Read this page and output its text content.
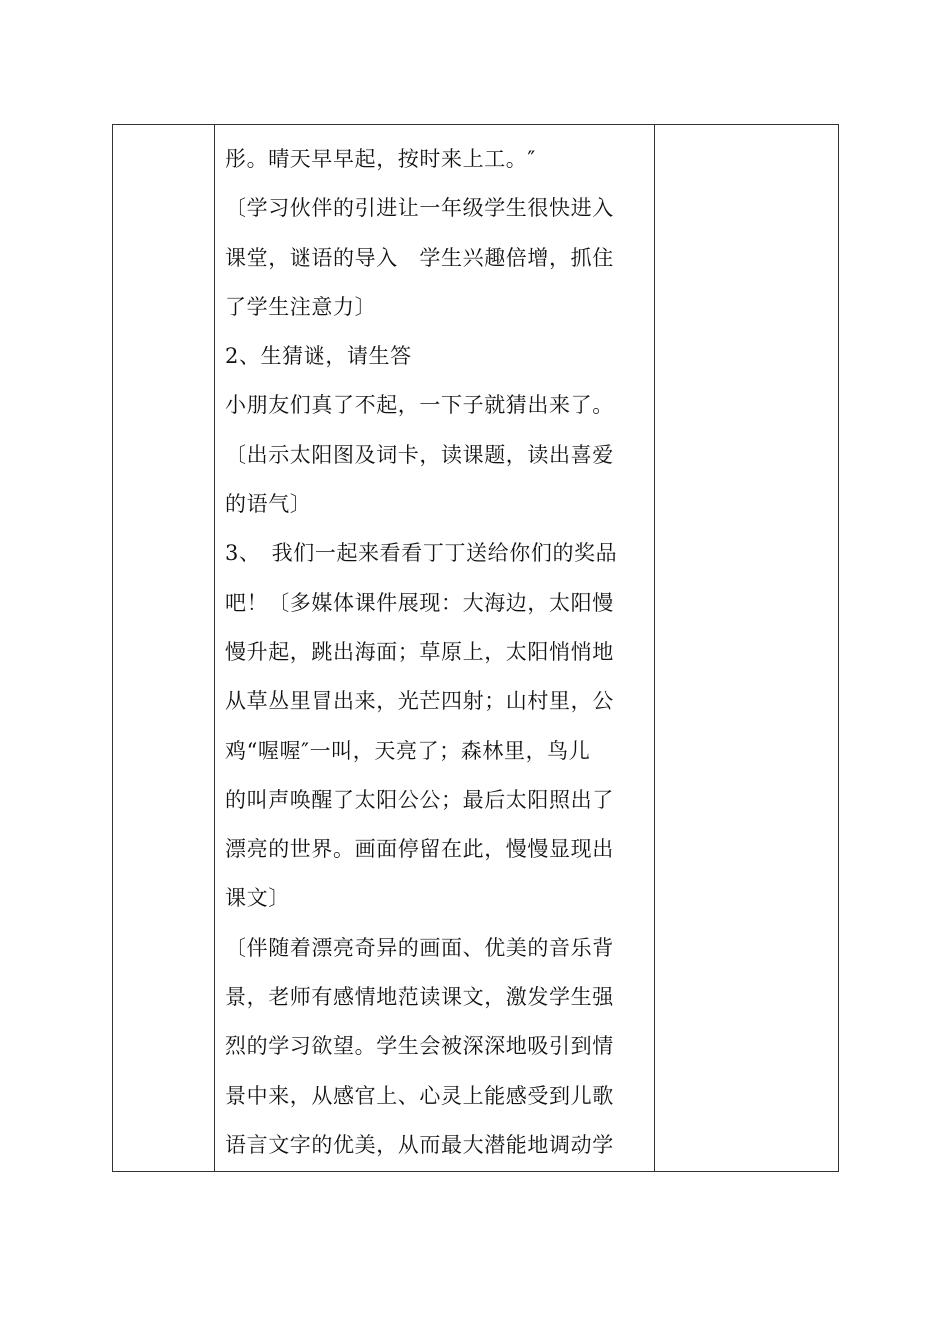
彤。晴天早早起，按时来上工。″
〔学习伙伴的引进让一年级学生很快进入
课堂，谜语的导入　学生兴趣倍增，抓住
了学生注意力〕
2、生猜谜，请生答
小朋友们真了不起，一下子就猜出来了。
〔出示太阳图及词卡，读课题，读出喜爱
的语气〕
3、　我们一起来看看丁丁送给你们的奖品
吧！〔多媒体课件展现：大海边，太阳慢
慢升起，跳出海面；草原上，太阳悄悄地
从草丛里冒出来，光芒四射；山村里，公
鸡“喔喔″一叫，天亮了；森林里，鸟儿
的叫声唤醒了太阳公公；最后太阳照出了
漂亮的世界。画面停留在此，慢慢显现出
课文〕
〔伴随着漂亮奇异的画面、优美的音乐背
景，老师有感情地范读课文，激发学生强
烈的学习欲望。学生会被深深地吸引到情
景中来，从感官上、心灵上能感受到儿歌
语言文字的优美，从而最大潜能地调动学
